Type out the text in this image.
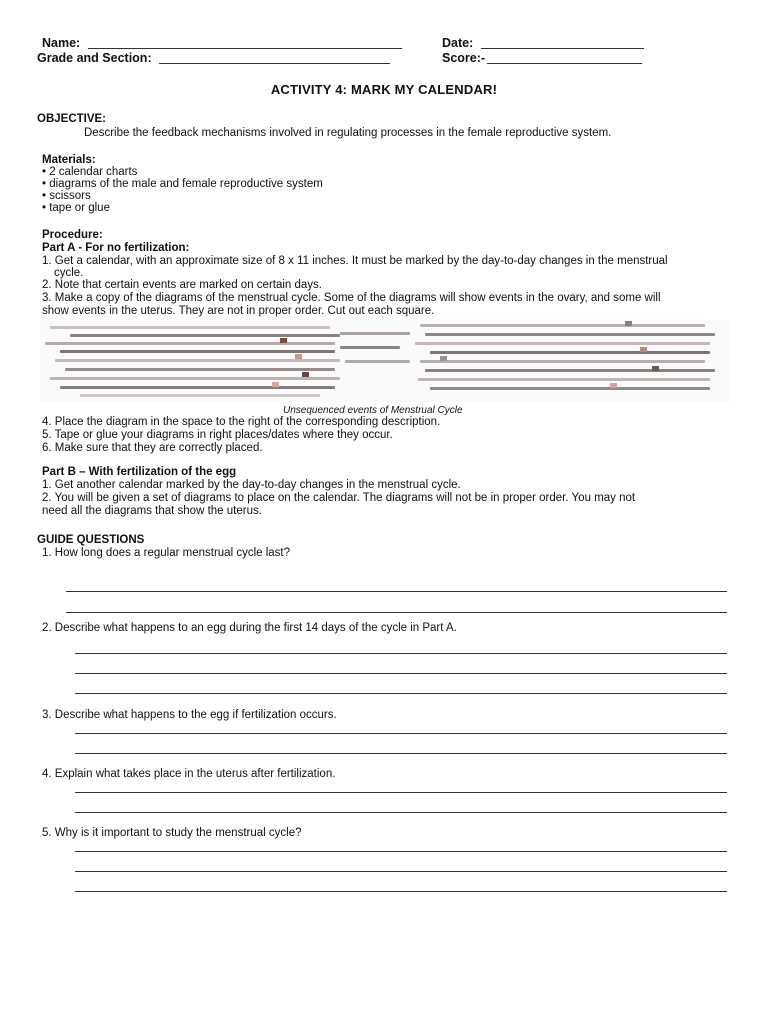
Name:	Date:
Grade and Section:	Score:-
ACTIVITY 4: MARK MY CALENDAR!
OBJECTIVE:
Describe the feedback mechanisms involved in regulating processes in the female reproductive system.
Materials:
• 2 calendar charts
• diagrams of the male and female reproductive system
• scissors
• tape or glue
Procedure:
Part A - For no fertilization:
1. Get a calendar, with an approximate size of 8 x 11 inches. It must be marked by the day-to-day changes in the menstrual
cycle.
2. Note that certain events are marked on certain days.
3. Make a copy of the diagrams of the menstrual cycle. Some of the diagrams will show events in the ovary, and some will
show events in the uterus. They are not in proper order. Cut out each square.
Unsequenced events of Menstrual Cycle
4. Place the diagram in the space to the right of the corresponding description.
5. Tape or glue your diagrams in right places/dates where they occur.
6. Make sure that they are correctly placed.
Part B – With fertilization of the egg
1. Get another calendar marked by the day-to-day changes in the menstrual cycle.
2. You will be given a set of diagrams to place on the calendar. The diagrams will not be in proper order. You may not
need all the diagrams that show the uterus.
GUIDE QUESTIONS
1. How long does a regular menstrual cycle last?
2. Describe what happens to an egg during the first 14 days of the cycle in Part A.
3. Describe what happens to the egg if fertilization occurs.
4. Explain what takes place in the uterus after fertilization.
5. Why is it important to study the menstrual cycle?
